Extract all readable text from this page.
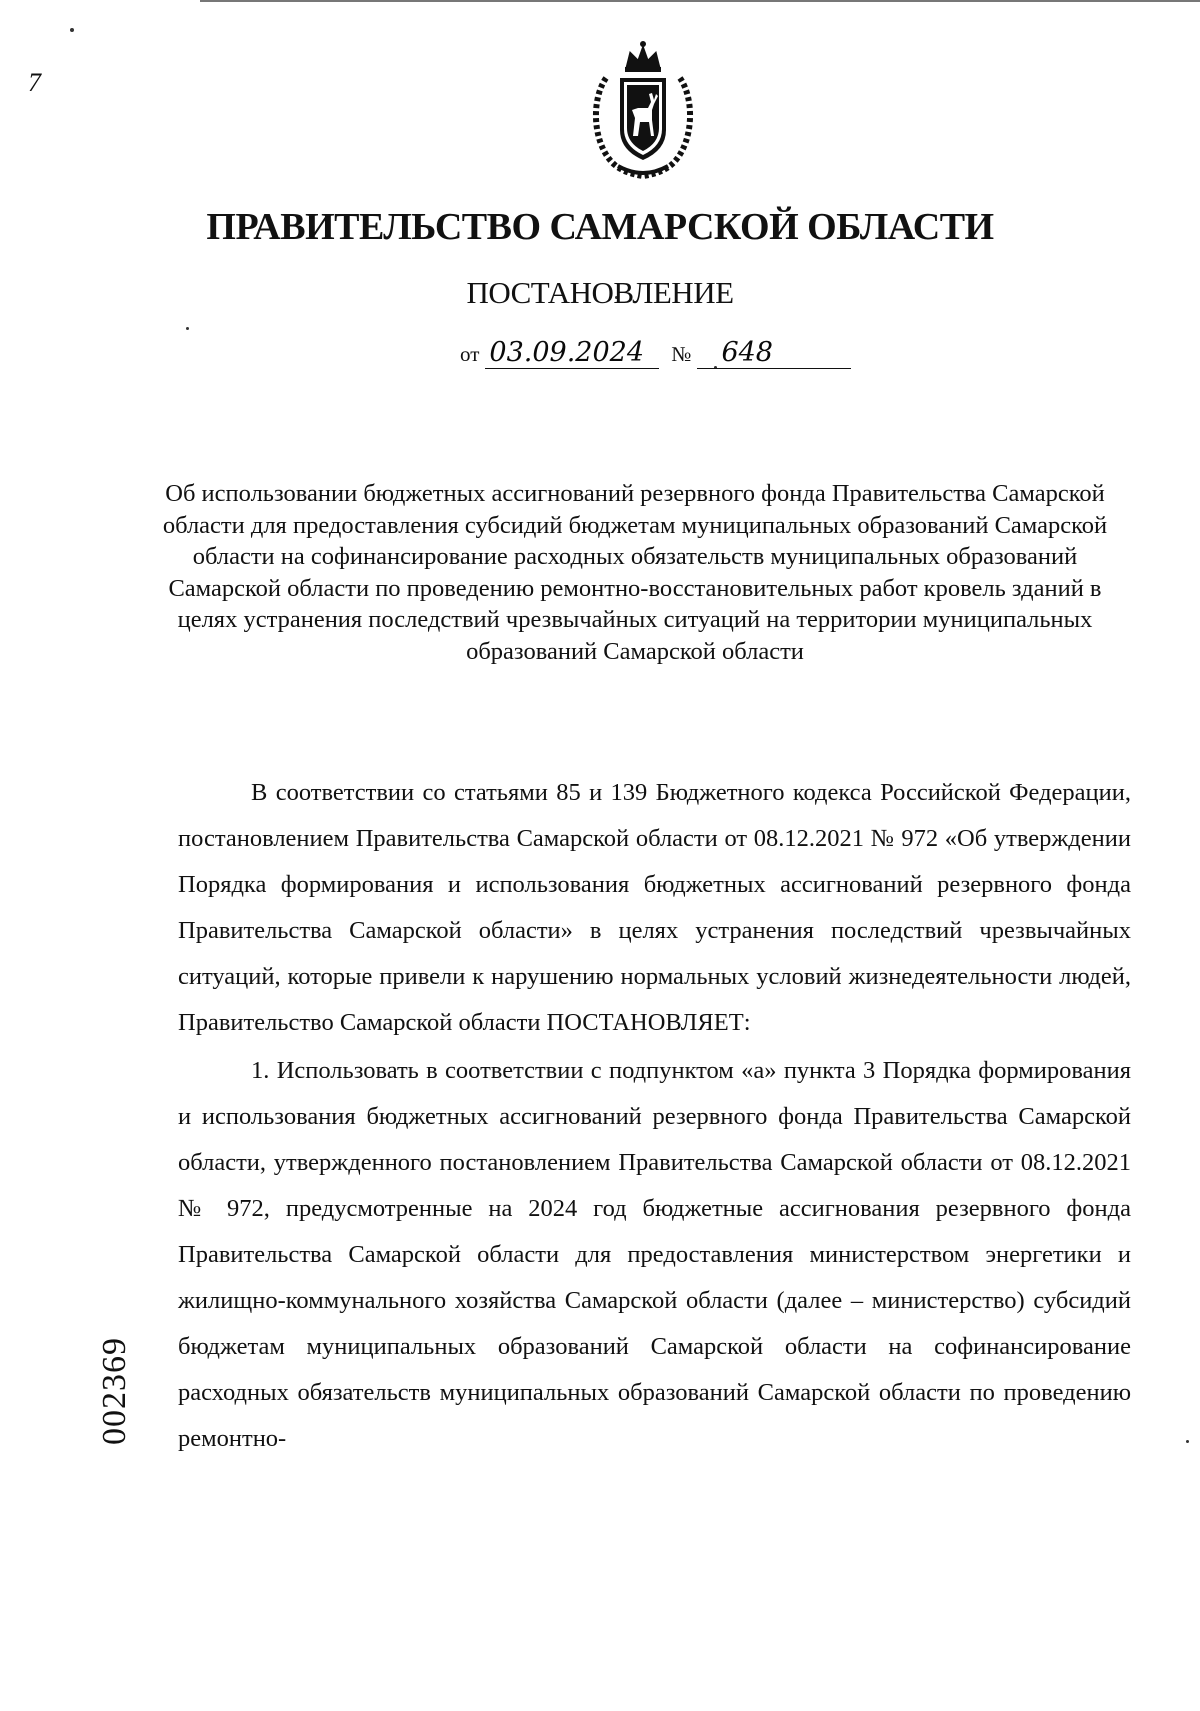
7
ПРАВИТЕЛЬСТВО САМАРСКОЙ ОБЛАСТИ
ПОСТАНОВЛЕНИЕ
от 03.09.2024	№	648
Об использовании бюджетных ассигнований резервного фонда Правительства Самарской области для предоставления субсидий бюджетам муниципальных образований Самарской области на софинансирование расходных обязательств муниципальных образований Самарской области по проведению ремонтно-восстановительных работ кровель зданий в целях устранения последствий чрезвычайных ситуаций на территории муниципальных образований Самарской области

В соответствии со статьями 85 и 139 Бюджетного кодекса Российской Федерации, постановлением Правительства Самарской области от 08.12.2021 № 972 «Об утверждении Порядка формирования и использования бюджетных ассигнований резервного фонда Правительства Самарской области» в целях устранения последствий чрезвычайных ситуаций, которые привели к нарушению нормальных условий жизнедеятельности людей, Правительство Самарской области ПОСТАНОВЛЯЕТ:

1. Использовать в соответствии с подпунктом «а» пункта 3 Порядка формирования и использования бюджетных ассигнований резервного фонда Правительства Самарской области, утвержденного постановлением Правительства Самарской области от 08.12.2021 № 972, предусмотренные на 2024 год бюджетные ассигнования резервного фонда Правительства Самарской области для предоставления министерством энергетики и жилищно-коммунального хозяйства Самарской области (далее – министерство) субсидий бюджетам муниципальных образований Самарской области на софинансирование расходных обязательств муниципальных образований Самарской области по проведению ремонтно-

002369
